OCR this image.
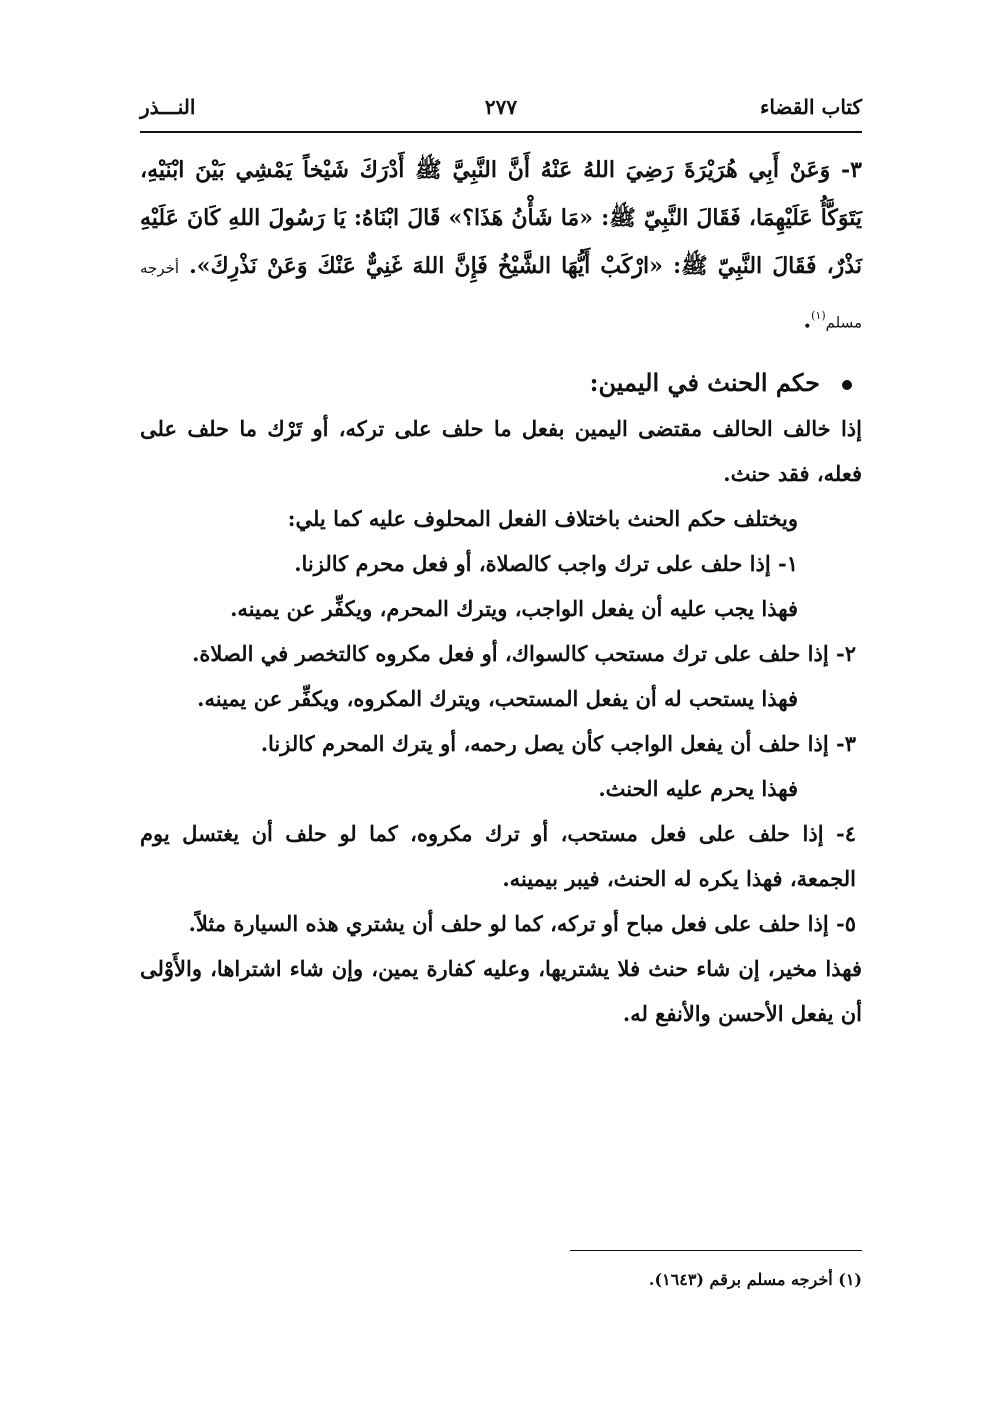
كتاب القضاء
٢٧٧
النـــذر

٣- وَعَنْ أَبِي هُرَيْرَةَ رَضِيَ اللهُ عَنْهُ أَنَّ النَّبِيَّ ﷺ أَدْرَكَ شَيْخاً يَمْشِي بَيْنَ ابْنَيْهِ، يَتَوَكَّأُ عَلَيْهِمَا، فَقَالَ النَّبِيّ ﷺ: «مَا شَأْنُ هَذَا؟» قَالَ ابْنَاهُ: يَا رَسُولَ اللهِ كَانَ عَلَيْهِ نَذْرٌ، فَقَالَ النَّبِيّ ﷺ: «ارْكَبْ أَيُّهَا الشَّيْخُ فَإِنَّ اللهَ غَنِيٌّ عَنْكَ وَعَنْ نَذْرِكَ». أخرجه مسلم$^{(١)}$.

حكم الحنث في اليمين:

إذا خالف الحالف مقتضى اليمين بفعل ما حلف على تركه، أو تَرْك ما حلف على فعله، فقد حنث.

ويختلف حكم الحنث باختلاف الفعل المحلوف عليه كما يلي:

١- إذا حلف على ترك واجب كالصلاة، أو فعل محرم كالزنا.

فهذا يجب عليه أن يفعل الواجب، ويترك المحرم، ويكفِّر عن يمينه.

٢- إذا حلف على ترك مستحب كالسواك، أو فعل مكروه كالتخصر في الصلاة.

فهذا يستحب له أن يفعل المستحب، ويترك المكروه، ويكفِّر عن يمينه.

٣- إذا حلف أن يفعل الواجب كأن يصل رحمه، أو يترك المحرم كالزنا.

فهذا يحرم عليه الحنث.

٤- إذا حلف على فعل مستحب، أو ترك مكروه، كما لو حلف أن يغتسل يوم الجمعة، فهذا يكره له الحنث، فيبر بيمينه.

٥- إذا حلف على فعل مباح أو تركه، كما لو حلف أن يشتري هذه السيارة مثلاً.

فهذا مخير، إن شاء حنث فلا يشتريها، وعليه كفارة يمين، وإن شاء اشتراها، والأَوْلى أن يفعل الأحسن والأنفع له.

(١) أخرجه مسلم برقم (١٦٤٣).
